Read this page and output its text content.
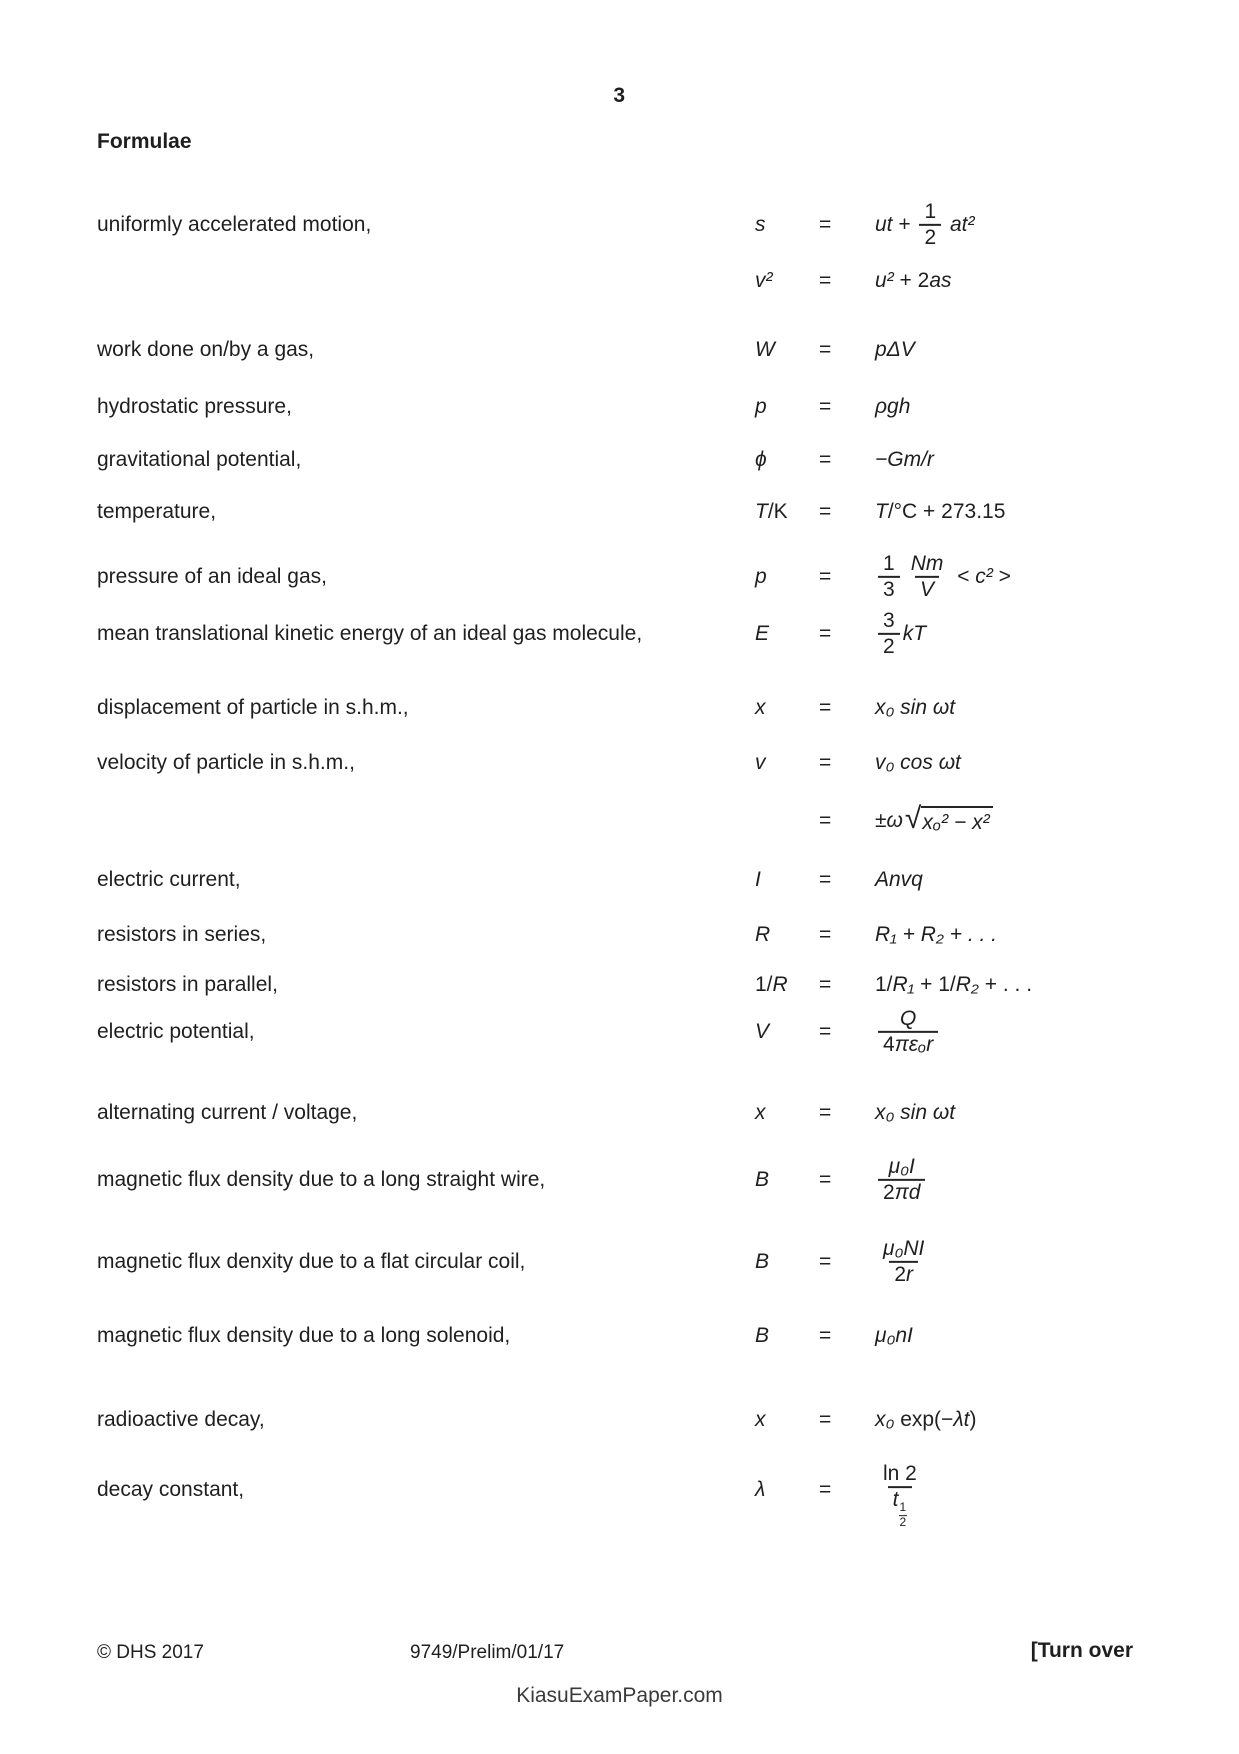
3
Formulae
uniformly accelerated motion,	s	= ut + $\frac{1}{2} at^2$
v² = u² + 2 as
work done on/by a gas,	W = pΔV
hydrostatic pressure,	p = ρgh
gravitational potential,	ϕ = −Gm/r
temperature,	T /K = T /°C + 273.15
pressure of an ideal gas,	$p = \frac{1}{3} \frac{Nm}{V} < c^2$ >
mean translational kinetic energy of an ideal gas molecule,	$E = \frac{3}{2}$ kT
displacement of particle in s.h.m.,	x	= x₀ sin ωt
velocity of particle in s.h.m.,	v	= v₀ cos ωt
= ±ω √ xₒ² − x²
electric current,	I	= Anvq
resistors in series,	R = R₁ + R₂ + . . .
resistors in parallel,	1/ R = 1/ R₁ + 1/ R₂ + . . .
electric potential,	$V = \frac{Q}{\text{4πεₒr}}$
alternating current / voltage,	x	= x₀ sin ωt
magnetic flux density due to a long straight wire,	$B = \frac{\text{μ₀I}}{2\pi d}$
magnetic flux denxity due to a flat circular coil,	$B = \frac{\text{μ₀NI}}{2r}$
magnetic flux density due to a long solenoid,	B = μ₀nI
radioactive decay,	x	= x₀ exp(− λt )
decay constant,	λ	= ln 2
t
$\frac{1}{2}$
© DHS 2017	9749/Prelim/01/17	[Turn over
KiasuExamPaper.com
